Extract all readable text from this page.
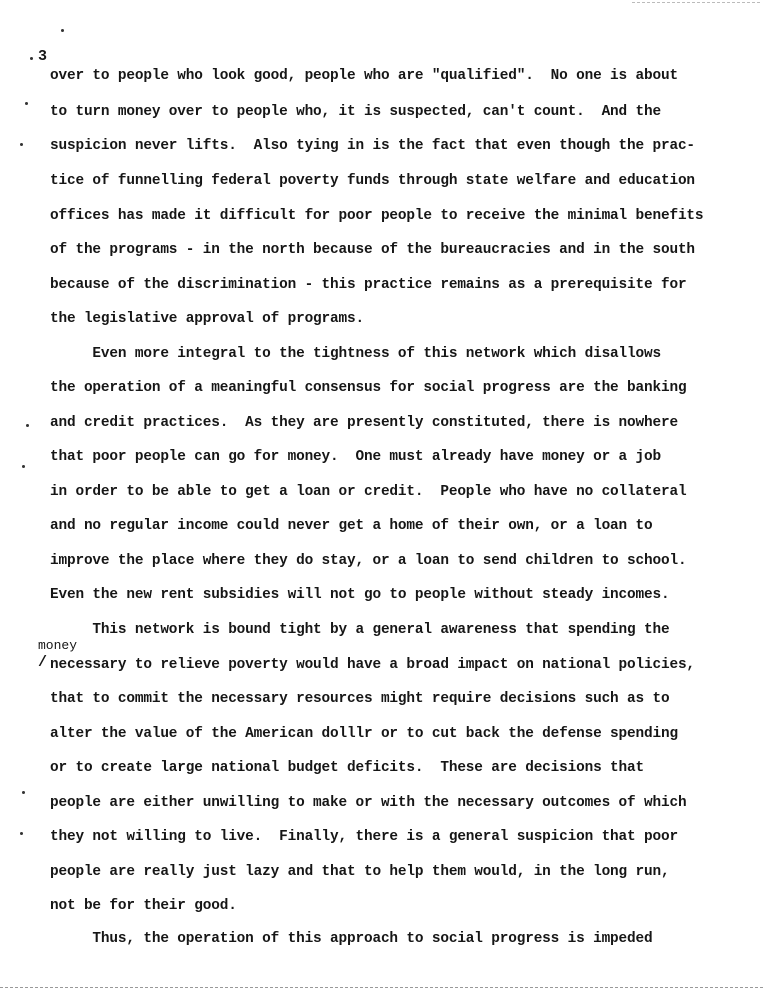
3
money
/
over to people who look good, people who are "qualified".  No one is about
to turn money over to people who, it is suspected, can't count.  And the
suspicion never lifts.  Also tying in is the fact that even though the prac-
tice of funnelling federal poverty funds through state welfare and education
offices has made it difficult for poor people to receive the minimal benefits
of the programs - in the north because of the bureaucracies and in the south
because of the discrimination - this practice remains as a prerequisite for
the legislative approval of programs.
Even more integral to the tightness of this network which disallows
the operation of a meaningful consensus for social progress are the banking
and credit practices.  As they are presently constituted, there is nowhere
that poor people can go for money.  One must already have money or a job
in order to be able to get a loan or credit.  People who have no collateral
and no regular income could never get a home of their own, or a loan to
improve the place where they do stay, or a loan to send children to school.
Even the new rent subsidies will not go to people without steady incomes.
This network is bound tight by a general awareness that spending the
necessary to relieve poverty would have a broad impact on national policies,
that to commit the necessary resources might require decisions such as to
alter the value of the American dolllr or to cut back the defense spending
or to create large national budget deficits.  These are decisions that
people are either unwilling to make or with the necessary outcomes of which
they not willing to live.  Finally, there is a general suspicion that poor
people are really just lazy and that to help them would, in the long run,
not be for their good.
Thus, the operation of this approach to social progress is impeded
